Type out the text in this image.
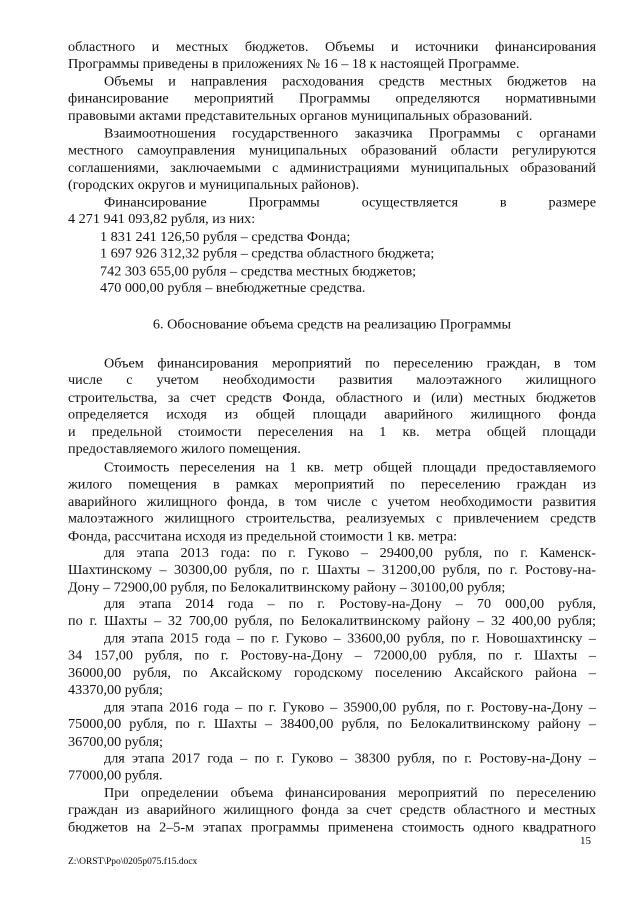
областного и местных бюджетов. Объемы и источники финансирования
Программы приведены в приложениях № 16 – 18 к настоящей Программе.
Объемы и направления расходования средств местных бюджетов на
финансирование мероприятий Программы определяются нормативными
правовыми актами представительных органов муниципальных образований.
Взаимоотношения государственного заказчика Программы с органами
местного самоуправления муниципальных образований области регулируются
соглашениями, заключаемыми с администрациями муниципальных образований
(городских округов и муниципальных районов).
Финансирование	Программы	осуществляется	в	размере
4 271 941 093,82 рубля, из них:
1 831 241 126,50 рубля – средства Фонда;
1 697 926 312,32 рубля – средства областного бюджета;
742 303 655,00 рубля – средства местных бюджетов;
470 000,00 рубля – внебюджетные средства.
6. Обоснование объема средств на реализацию Программы
Объем финансирования мероприятий по переселению граждан, в том
числе с учетом необходимости развития малоэтажного жилищного
строительства, за счет средств Фонда, областного и (или) местных бюджетов
определяется исходя из общей площади аварийного жилищного фонда
и предельной стоимости переселения на 1 кв. метра общей площади
предоставляемого жилого помещения.
Стоимость переселения на 1 кв. метр общей площади предоставляемого
жилого помещения в рамках мероприятий по переселению граждан из
аварийного жилищного фонда, в том числе с учетом необходимости развития
малоэтажного жилищного строительства, реализуемых с привлечением средств
Фонда, рассчитана исходя из предельной стоимости 1 кв. метра:
для этапа 2013 года: по г. Гуково – 29400,00 рубля, по г. Каменск-
Шахтинскому – 30300,00 рубля, по г. Шахты – 31200,00 рубля, по г. Ростову-на-
Дону – 72900,00 рубля, по Белокалитвинскому району – 30100,00 рубля;
для этапа 2014 года – по г. Ростову-на-Дону – 70 000,00 рубля,
по г. Шахты – 32 700,00 рубля, по Белокалитвинскому району – 32 400,00 рубля;
для этапа 2015 года – по г. Гуково – 33600,00 рубля, по г. Новошахтинску –
34 157,00 рубля, по г. Ростову-на-Дону – 72000,00 рубля, по г. Шахты –
36000,00 рубля, по Аксайскому городскому поселению Аксайского района –
43370,00 рубля;
для этапа 2016 года – по г. Гуково – 35900,00 рубля, по г. Ростову-на-Дону –
75000,00 рубля, по г. Шахты – 38400,00 рубля, по Белокалитвинскому району –
36700,00 рубля;
для этапа 2017 года – по г. Гуково – 38300 рубля, по г. Ростову-на-Дону –
77000,00 рубля.
При определении объема финансирования мероприятий по переселению
граждан из аварийного жилищного фонда за счет средств областного и местных
бюджетов на 2–5-м этапах программы применена стоимость одного квадратного
15
Z:\ORST\Ppo\0205p075.f15.docx
